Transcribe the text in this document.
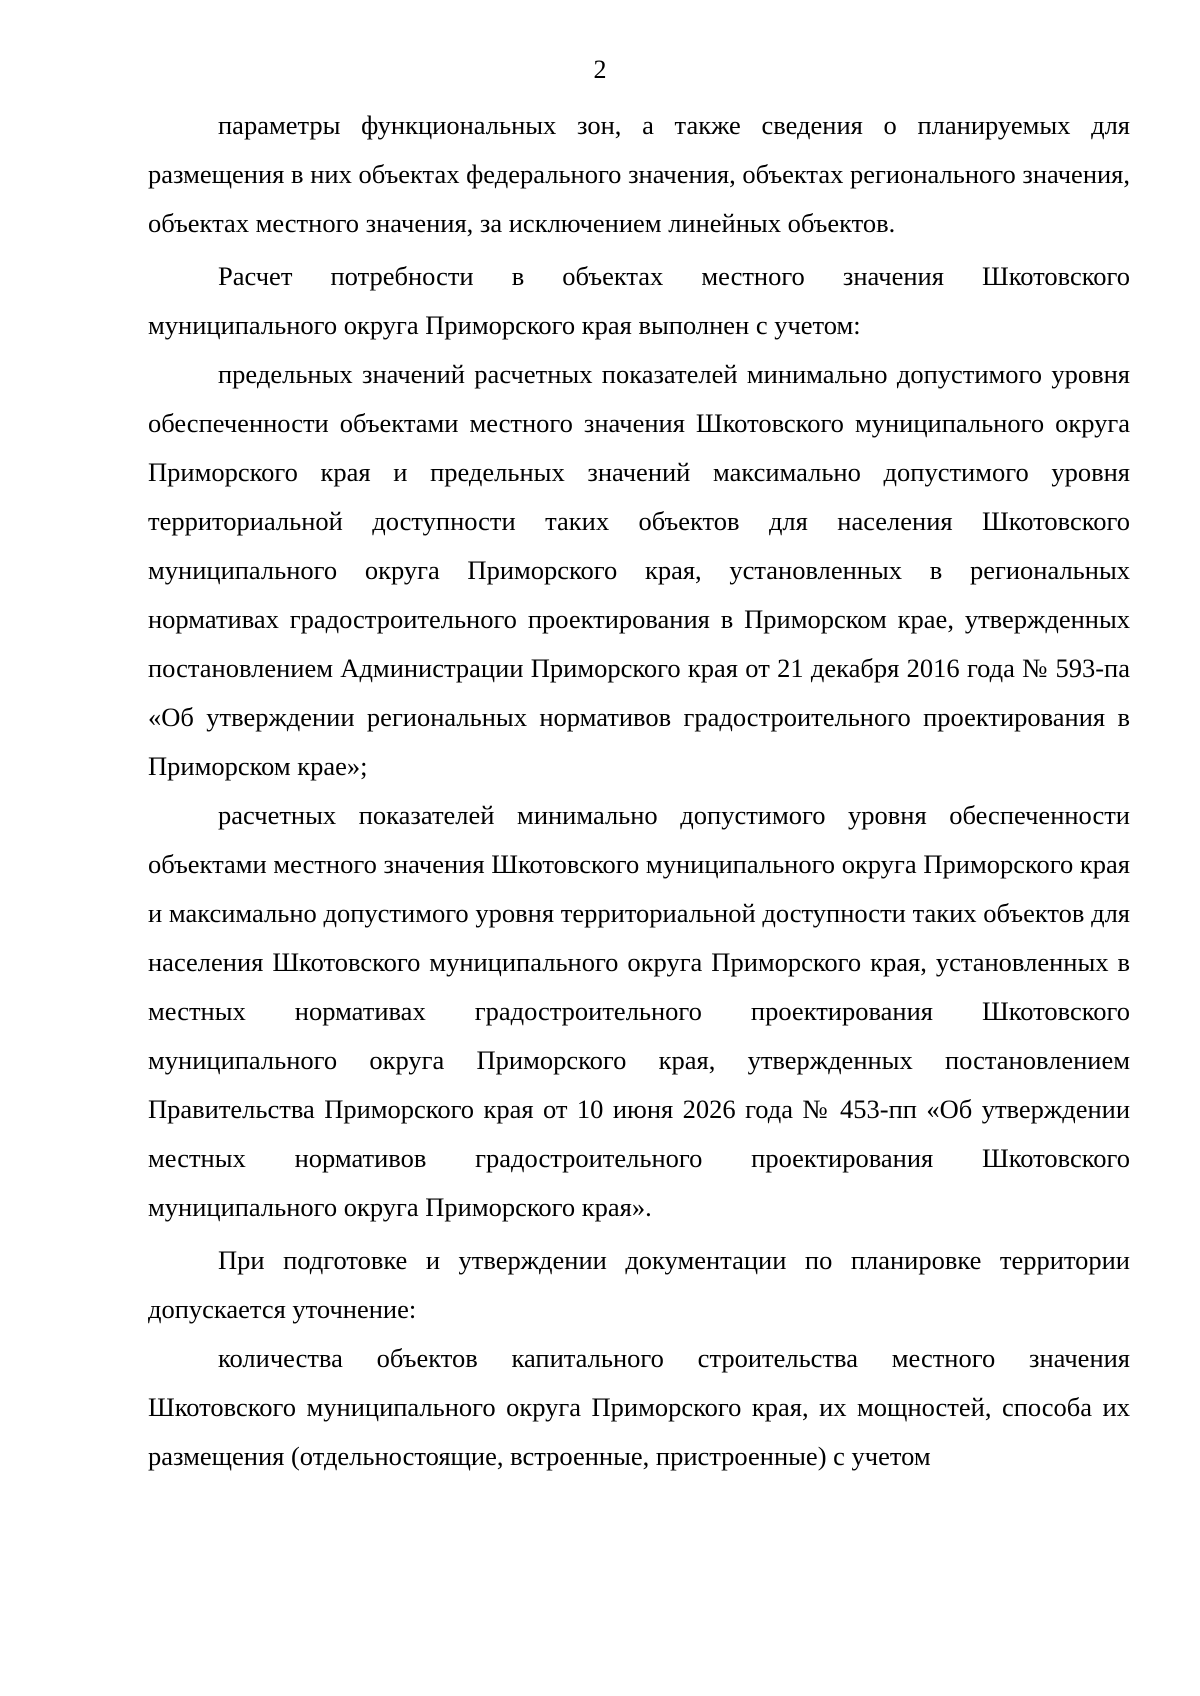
2

параметры функциональных зон, а также сведения о планируемых для размещения в них объектах федерального значения, объектах регионального значения, объектах местного значения, за исключением линейных объектов.

Расчет потребности в объектах местного значения Шкотовского муниципального округа Приморского края выполнен с учетом:

предельных значений расчетных показателей минимально допустимого уровня обеспеченности объектами местного значения Шкотовского муниципального округа Приморского края и предельных значений максимально допустимого уровня территориальной доступности таких объектов для населения Шкотовского муниципального округа Приморского края, установленных в региональных нормативах градостроительного проектирования в Приморском крае, утвержденных постановлением Администрации Приморского края от 21 декабря 2016 года № 593-па «Об утверждении региональных нормативов градостроительного проектирования в Приморском крае»;

расчетных показателей минимально допустимого уровня обеспеченности объектами местного значения Шкотовского муниципального округа Приморского края и максимально допустимого уровня территориальной доступности таких объектов для населения Шкотовского муниципального округа Приморского края, установленных в местных нормативах градостроительного проектирования Шкотовского муниципального округа Приморского края, утвержденных постановлением Правительства Приморского края от 10 июня 2026 года № 453-пп «Об утверждении местных нормативов градостроительного проектирования Шкотовского муниципального округа Приморского края».

При подготовке и утверждении документации по планировке территории допускается уточнение:

количества объектов капитального строительства местного значения Шкотовского муниципального округа Приморского края, их мощностей, способа их размещения (отдельностоящие, встроенные, пристроенные) с учетом
